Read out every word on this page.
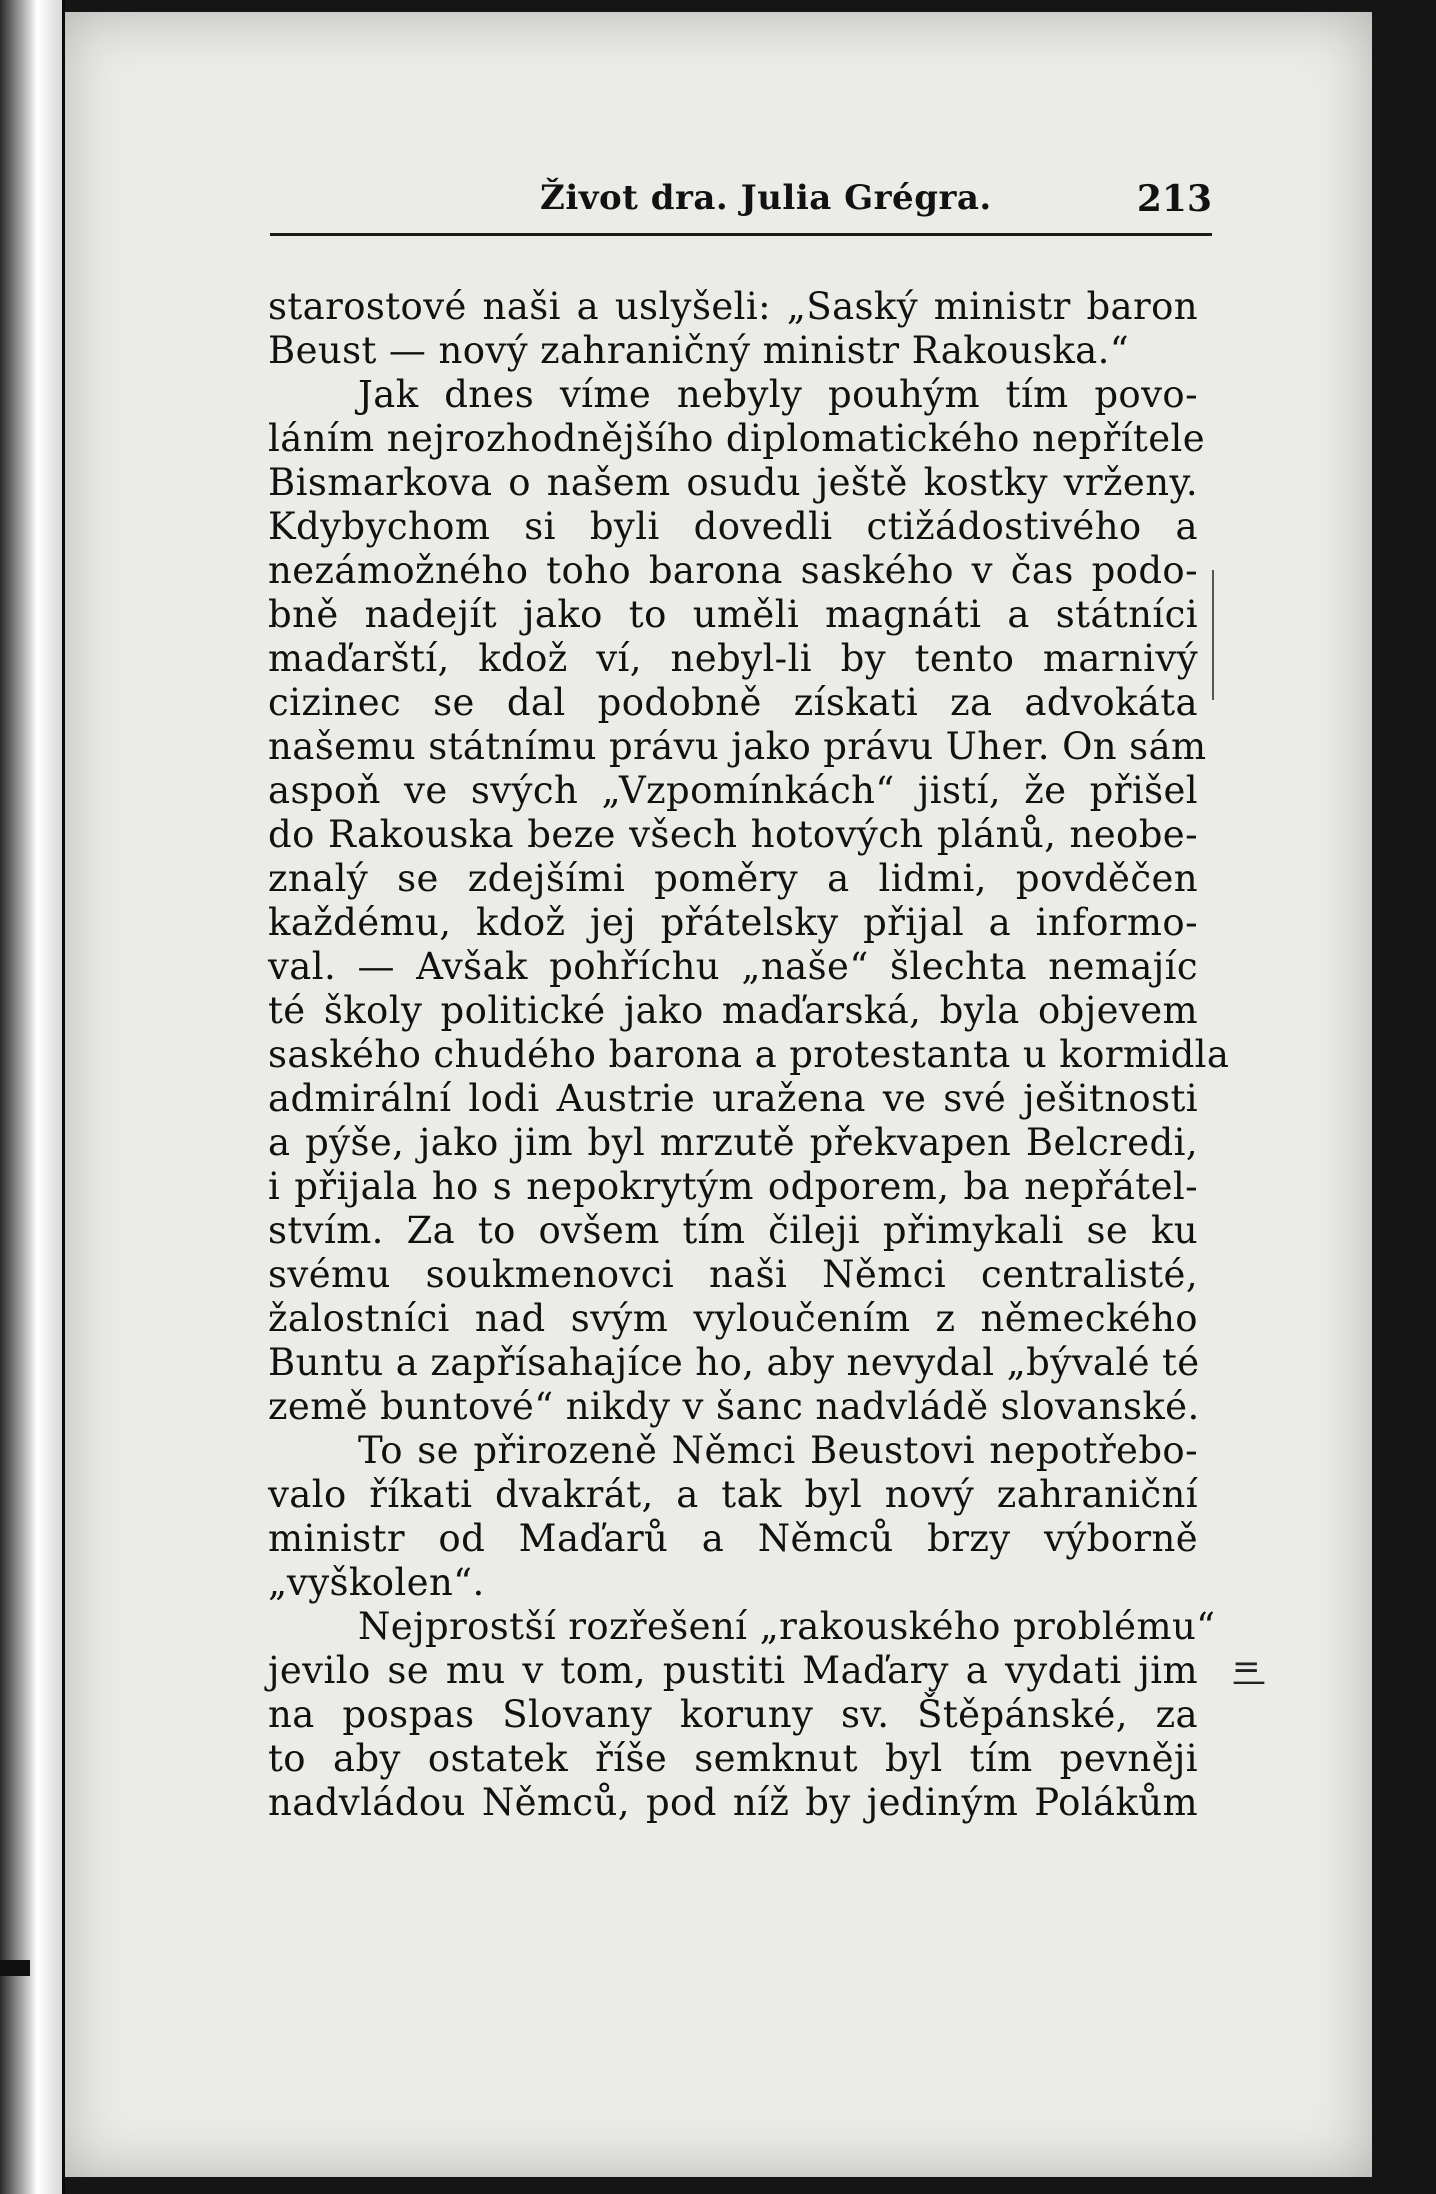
Život dra. Julia Grégra.	213
starostové naši a uslyšeli: „Saský ministr baron
Beust — nový zahraničný ministr Rakouska.“
Jak dnes víme nebyly pouhým tím povo-
láním nejrozhodnějšího diplomatického nepřítele
Bismarkova o našem osudu ještě kostky vrženy.
Kdybychom si byli dovedli ctižádostivého a
nezámožného toho barona saského v čas podo-
bně nadejít jako to uměli magnáti a státníci
maďarští, kdož ví, nebyl-li by tento marnivý
cizinec se dal podobně získati za advokáta
našemu státnímu právu jako právu Uher. On sám
aspoň ve svých „Vzpomínkách“ jistí, že přišel
do Rakouska beze všech hotových plánů, neobe-
znalý se zdejšími poměry a lidmi, povděčen
každému, kdož jej přátelsky přijal a informo-
val. — Avšak pohříchu „naše“ šlechta nemajíc
té školy politické jako maďarská, byla objevem
saského chudého barona a protestanta u kormidla
admirální lodi Austrie uražena ve své ješitnosti
a pýše, jako jim byl mrzutě překvapen Belcredi,
i přijala ho s nepokrytým odporem, ba nepřátel-
stvím. Za to ovšem tím čileji přimykali se ku
svému soukmenovci naši Němci centralisté,
žalostníci nad svým vyloučením z německého
Buntu a zapřísahajíce ho, aby nevydal „bývalé té
země buntové“ nikdy v šanc nadvládě slovanské.
To se přirozeně Němci Beustovi nepotřebo-
valo říkati dvakrát, a tak byl nový zahraniční
ministr od Maďarů a Němců brzy výborně
„vyškolen“.
Nejprostší rozřešení „rakouského problému“
jevilo se mu v tom, pustiti Maďary a vydati jim
na pospas Slovany koruny sv. Štěpánské, za
to aby ostatek říše semknut byl tím pevněji
nadvládou Němců, pod níž by jediným Polákům
=—
